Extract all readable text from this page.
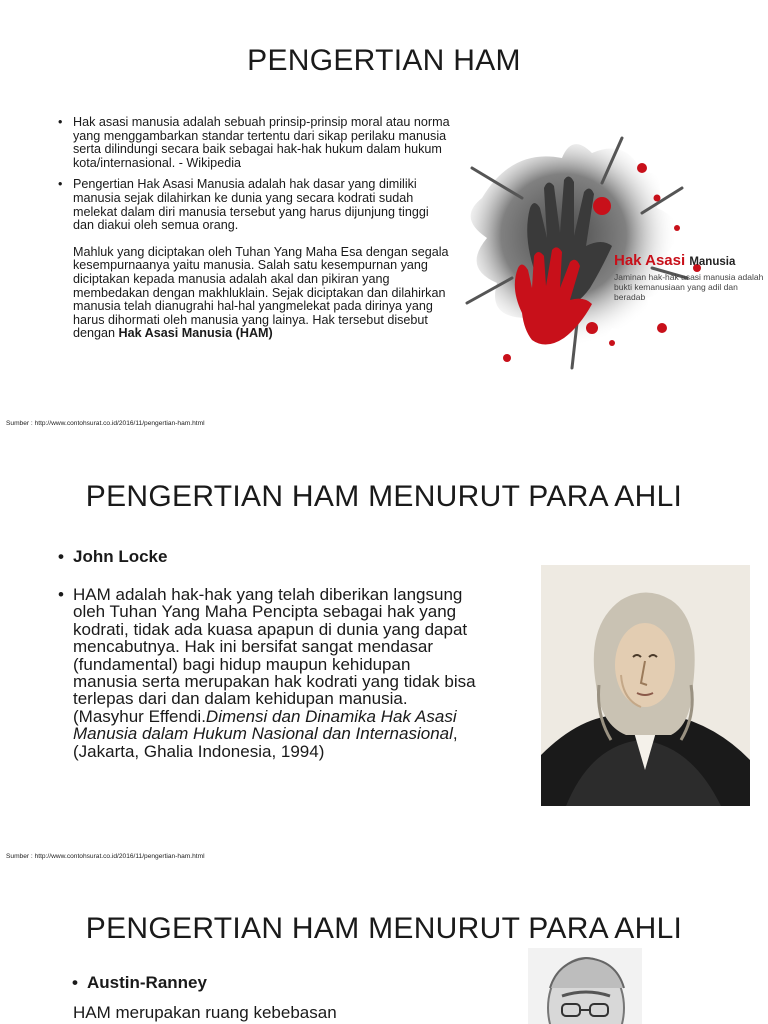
PENGERTIAN HAM
• Hak asasi manusia adalah sebuah prinsip-prinsip moral atau norma yang menggambarkan standar tertentu dari sikap perilaku manusia serta dilindungi secara baik sebagai hak-hak hukum dalam hukum kota/internasional. - Wikipedia

• Pengertian Hak Asasi Manusia adalah hak dasar yang dimiliki manusia sejak dilahirkan ke dunia yang secara kodrati sudah melekat dalam diri manusia tersebut yang harus dijunjung tinggi dan diakui oleh semua orang.

Mahluk yang diciptakan oleh Tuhan Yang Maha Esa dengan segala kesempurnaanya yaitu manusia. Salah satu kesempurnan yang diciptakan kepada manusia adalah akal dan pikiran yang membedakan dengan makhluklain. Sejak diciptakan dan dilahirkan manusia telah dianugrahi hal-hal yangmelekat pada dirinya yang harus dihormati oleh manusia yang lainya. Hak tersebut disebut dengan Hak Asasi Manusia (HAM)

Hak Asasi Manusia
Jaminan hak-hak asasi manusia adalah bukti kemanusiaan yang adil dan beradab
Sumber : http://www.contohsurat.co.id/2016/11/pengertian-ham.html
PENGERTIAN HAM MENURUT PARA AHLI
• John Locke
• HAM adalah hak-hak yang telah diberikan langsung oleh Tuhan Yang Maha Pencipta sebagai hak yang kodrati, tidak ada kuasa apapun di dunia yang dapat mencabutnya. Hak ini bersifat sangat mendasar (fundamental) bagi hidup maupun kehidupan manusia serta merupakan hak kodrati yang tidak bisa terlepas dari dan dalam kehidupan manusia. (Masyhur Effendi.Dimensi dan Dinamika Hak Asasi Manusia dalam Hukum Nasional dan Internasional, (Jakarta, Ghalia Indonesia, 1994)
Sumber : http://www.contohsurat.co.id/2016/11/pengertian-ham.html
PENGERTIAN HAM MENURUT PARA AHLI
• Austin-Ranney
HAM merupakan ruang kebebasan
